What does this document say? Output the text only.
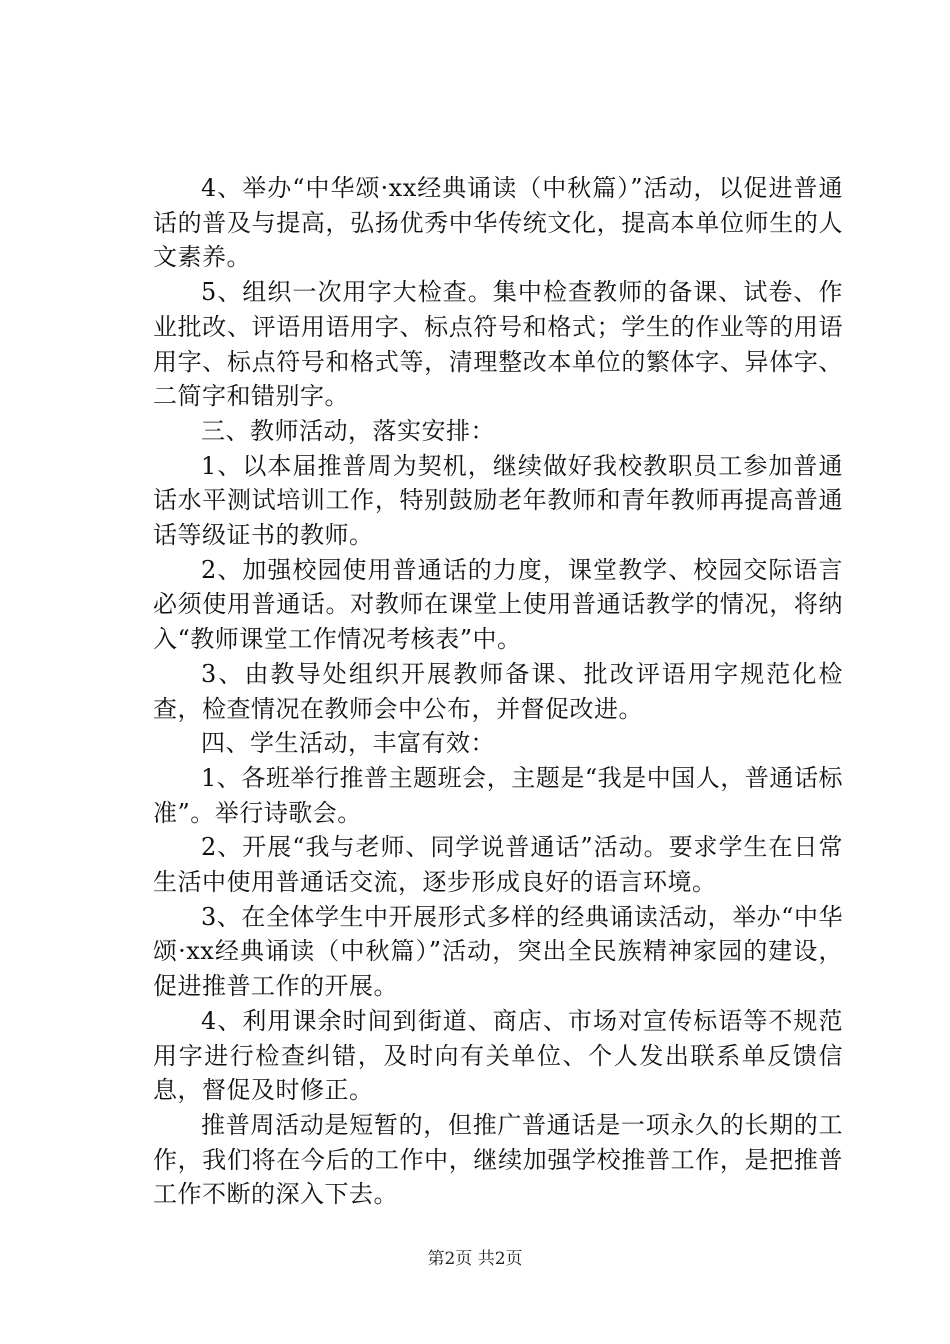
4、举办“中华颂·xx经典诵读（中秋篇）”活动，以促进普通话的普及与提高，弘扬优秀中华传统文化，提高本单位师生的人文素养。

5、组织一次用字大检查。集中检查教师的备课、试卷、作业批改、评语用语用字、标点符号和格式；学生的作业等的用语用字、标点符号和格式等，清理整改本单位的繁体字、异体字、二简字和错别字。

三、教师活动，落实安排：

1、以本届推普周为契机，继续做好我校教职员工参加普通话水平测试培训工作，特别鼓励老年教师和青年教师再提高普通话等级证书的教师。

2、加强校园使用普通话的力度，课堂教学、校园交际语言必须使用普通话。对教师在课堂上使用普通话教学的情况，将纳入“教师课堂工作情况考核表”中。

3、由教导处组织开展教师备课、批改评语用字规范化检查，检查情况在教师会中公布，并督促改进。

四、学生活动，丰富有效：

1、各班举行推普主题班会，主题是“我是中国人，普通话标准”。举行诗歌会。

2、开展“我与老师、同学说普通话”活动。要求学生在日常生活中使用普通话交流，逐步形成良好的语言环境。

3、在全体学生中开展形式多样的经典诵读活动，举办“中华颂·xx经典诵读（中秋篇）”活动，突出全民族精神家园的建设，促进推普工作的开展。

4、利用课余时间到街道、商店、市场对宣传标语等不规范用字进行检查纠错，及时向有关单位、个人发出联系单反馈信息，督促及时修正。

推普周活动是短暂的，但推广普通话是一项永久的长期的工作，我们将在今后的工作中，继续加强学校推普工作，是把推普工作不断的深入下去。

第2页 共2页
